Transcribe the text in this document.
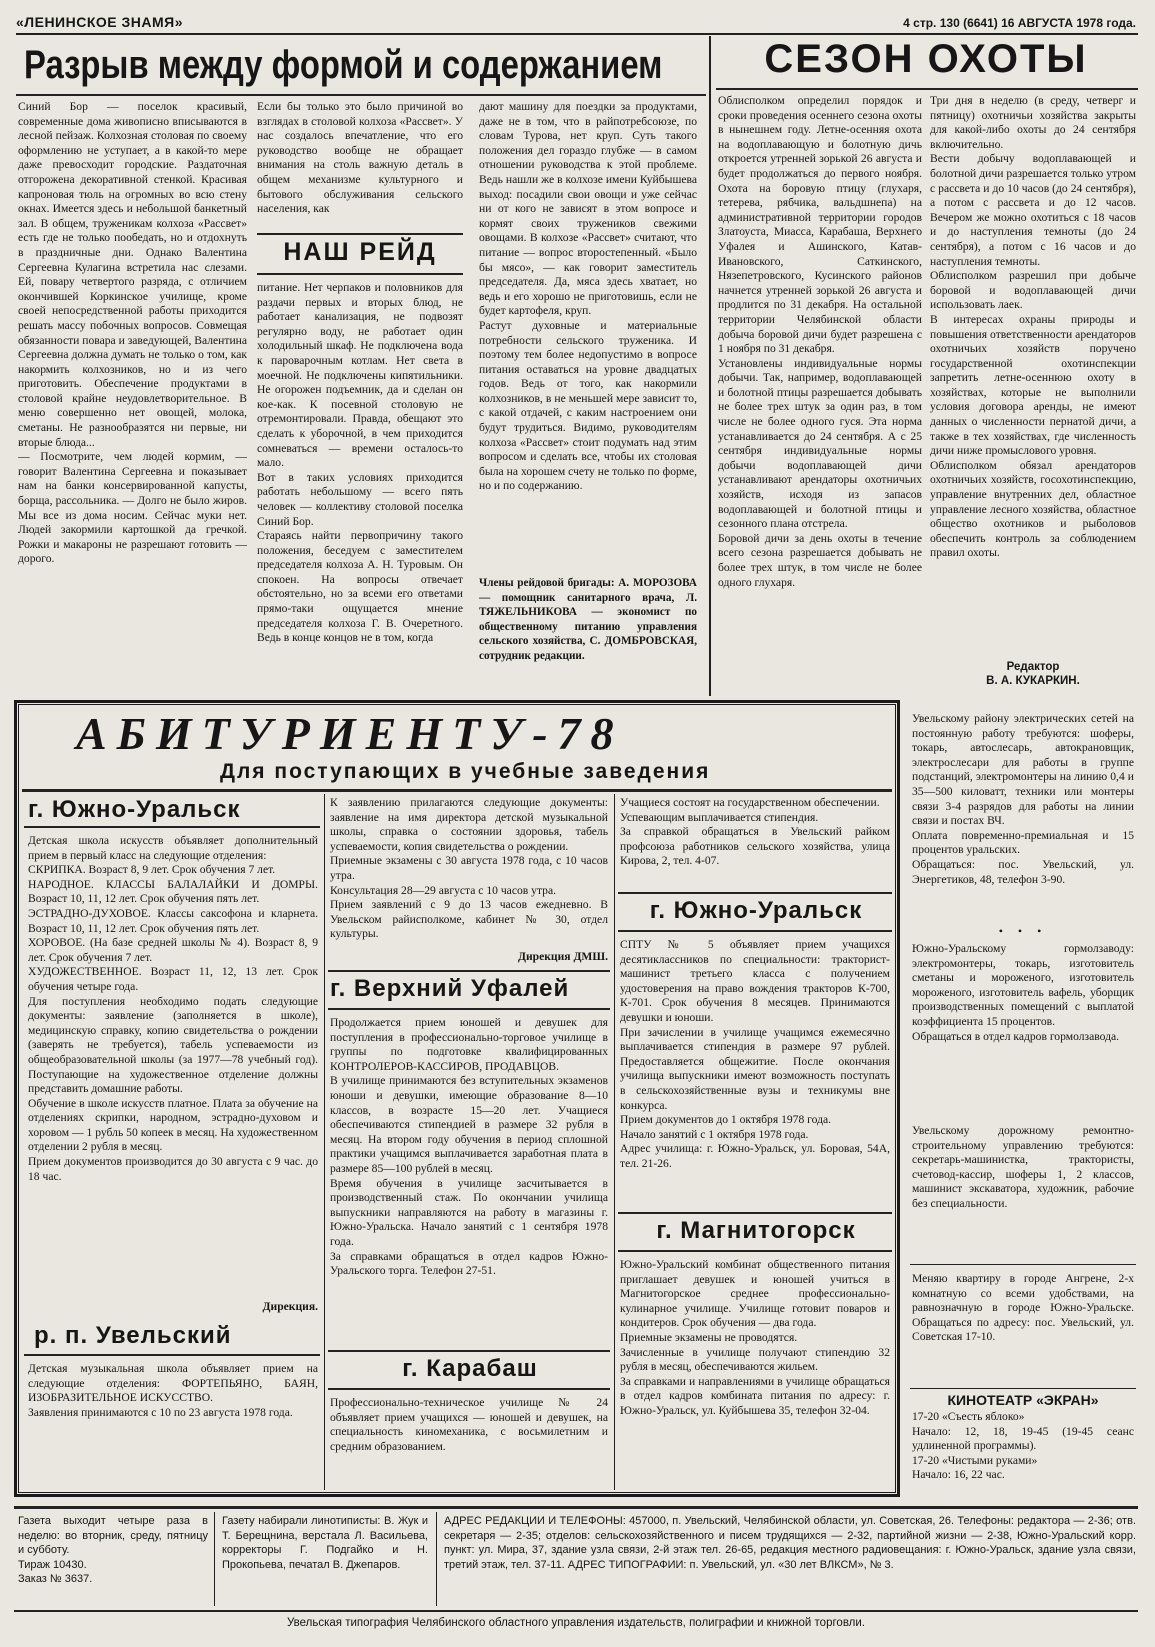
«ЛЕНИНСКОЕ ЗНАМЯ»	4 стр. 130 (6641) 16 АВГУСТА 1978 года.
Разрыв между формой и содержанием
Синий Бор — поселок красивый, современные дома живописно вписываются в лесной пейзаж. Колхозная столовая по своему оформлению не уступает, а в какой-то мере даже превосходит городские. Раздаточная отгорожена декоративной стенкой. Красивая капроновая тюль на огромных во всю стену окнах. Имеется здесь и небольшой банкетный зал. В общем, труженикам колхоза «Рассвет» есть где не только пообедать, но и отдохнуть в праздничные дни. Однако Валентина Сергеевна Кулагина встретила нас слезами. Ей, повару четвертого разряда, с отличием окончившей Коркинское училище, кроме своей непосредственной работы приходится решать массу побочных вопросов. Совмещая обязанности повара и заведующей, Валентина Сергеевна должна думать не только о том, как накормить колхозников, но и из чего приготовить. Обеспечение продуктами в столовой крайне неудовлетворительное. В меню совершенно нет овощей, молока, сметаны. Не разнообразятся ни первые, ни вторые блюда...
— Посмотрите, чем людей кормим, — говорит Валентина Сергеевна и показывает нам на банки консервированной капусты, борща, рассольника. — Долго не было жиров. Мы все из дома носим. Сейчас муки нет. Людей закормили картошкой да гречкой. Рожки и макароны не разрешают готовить — дорого.
Если бы только это было причиной во взглядах в столовой колхоза «Рассвет». У нас создалось впечатление, что его руководство вообще не обращает внимания на столь важную деталь в общем механизме культурного и бытового обслуживания сельского населения, как
НАШ РЕЙД
питание. Нет черпаков и половников для раздачи первых и вторых блюд, не работает канализация, не подвозят регулярно воду, не работает один холодильный шкаф. Не подключена вода к пароварочным котлам. Нет света в моечной. Не подключены кипятильники. Не огорожен подъемник, да и сделан он кое-как. К посевной столовую не отремонтировали. Правда, обещают это сделать к уборочной, в чем приходится сомневаться — времени осталось-то мало.
Вот в таких условиях приходится работать небольшому — всего пять человек — коллективу столовой поселка Синий Бор.
Стараясь найти первопричину такого положения, беседуем с заместителем председателя колхоза А. Н. Туровым. Он спокоен. На вопросы отвечает обстоятельно, но за всеми его ответами прямо-таки ощущается мнение председателя колхоза Г. В. Очеретного. Ведь в конце концов не в том, когда
дают машину для поездки за продуктами, даже не в том, что в райпотребсоюзе, по словам Турова, нет круп. Суть такого положения дел гораздо глубже — в самом отношении руководства к этой проблеме. Ведь нашли же в колхозе имени Куйбышева выход: посадили свои овощи и уже сейчас ни от кого не зависят в этом вопросе и кормят своих тружеников свежими овощами. В колхозе «Рассвет» считают, что питание — вопрос второстепенный. «Было бы мясо», — как говорит заместитель председателя. Да, мяса здесь хватает, но ведь и его хорошо не приготовишь, если не будет картофеля, круп.
Растут духовные и материальные потребности сельского труженика. И поэтому тем более недопустимо в вопросе питания оставаться на уровне двадцатых годов. Ведь от того, как накормили колхозников, в не меньшей мере зависит то, с какой отдачей, с каким настроением они будут трудиться. Видимо, руководителям колхоза «Рассвет» стоит подумать над этим вопросом и сделать все, чтобы их столовая была на хорошем счету не только по форме, но и по содержанию.
Члены рейдовой бригады: А. МОРОЗОВА — помощник санитарного врача, Л. ТЯЖЕЛЬНИКОВА — экономист по общественному питанию управления сельского хозяйства, С. ДОМБРОВСКАЯ, сотрудник редакции.
СЕЗОН ОХОТЫ
Облисполком определил порядок и сроки проведения осеннего сезона охоты в нынешнем году. Летне-осенняя охота на водоплавающую и болотную дичь откроется утренней зорькой 26 августа и будет продолжаться до первого ноября. Охота на боровую птицу (глухаря, тетерева, рябчика, вальдшнепа) на административной территории городов Златоуста, Миасса, Карабаша, Верхнего Уфалея и Ашинского, Катав-Ивановского, Саткинского, Нязепетровского, Кусинского районов начнется утренней зорькой 26 августа и продлится по 31 декабря. На остальной территории Челябинской области добыча боровой дичи будет разрешена с 1 ноября по 31 декабря.
Установлены индивидуальные нормы добычи. Так, например, водоплавающей и болотной птицы разрешается добывать не более трех штук за один раз, в том числе не более одного гуся. Эта норма устанавливается до 24 сентября. А с 25 сентября индивидуальные нормы добычи водоплавающей дичи устанавливают арендаторы охотничьих хозяйств, исходя из запасов водоплавающей и болотной птицы и сезонного плана отстрела.
Боровой дичи за день охоты в течение всего сезона разрешается добывать не более трех штук, в том числе не более одного глухаря.
Три дня в неделю (в среду, четверг и пятницу) охотничьи хозяйства закрыты для какой-либо охоты до 24 сентября включительно.
Вести добычу водоплавающей и болотной дичи разрешается только утром с рассвета и до 10 часов (до 24 сентября), а потом с рассвета и до 12 часов. Вечером же можно охотиться с 18 часов и до наступления темноты (до 24 сентября), а потом с 16 часов и до наступления темноты.
Облисполком разрешил при добыче боровой и водоплавающей дичи использовать лаек.
В интересах охраны природы и повышения ответственности арендаторов охотничьих хозяйств поручено государственной охотинспекции запретить летне-осеннюю охоту в хозяйствах, которые не выполнили условия договора аренды, не имеют данных о численности пернатой дичи, а также в тех хозяйствах, где численность дичи ниже промыслового уровня.
Облисполком обязал арендаторов охотничьих хозяйств, госохотинспекцию, управление внутренних дел, областное управление лесного хозяйства, областное общество охотников и рыболовов обеспечить контроль за соблюдением правил охоты.
Редактор
В. А. КУКАРКИН.
АБИТУРИЕНТУ-78
Для поступающих в учебные заведения
г. Южно-Уральск
Детская школа искусств объявляет дополнительный прием в первый класс на следующие отделения:
СКРИПКА. Возраст 8, 9 лет. Срок обучения 7 лет.
НАРОДНОЕ. КЛАССЫ БАЛАЛАЙКИ И ДОМРЫ. Возраст 10, 11, 12 лет. Срок обучения пять лет.
ЭСТРАДНО-ДУХОВОЕ. Классы саксофона и кларнета. Возраст 10, 11, 12 лет. Срок обучения пять лет.
ХОРОВОЕ. (На базе средней школы № 4). Возраст 8, 9 лет. Срок обучения 7 лет.
ХУДОЖЕСТВЕННОЕ. Возраст 11, 12, 13 лет. Срок обучения четыре года.
Для поступления необходимо подать следующие документы: заявление (заполняется в школе), медицинскую справку, копию свидетельства о рождении (заверять не требуется), табель успеваемости из общеобразовательной школы (за 1977—78 учебный год). Поступающие на художественное отделение должны представить домашние работы.
Обучение в школе искусств платное. Плата за обучение на отделениях скрипки, народном, эстрадно-духовом и хоровом — 1 рубль 50 копеек в месяц. На художественном отделении 2 рубля в месяц.
Прием документов производится до 30 августа с 9 час. до 18 час.
Дирекция.
р. п. Увельский
Детская музыкальная школа объявляет прием на следующие отделения: ФОРТЕПЬЯНО, БАЯН, ИЗОБРАЗИТЕЛЬНОЕ ИСКУССТВО.
Заявления принимаются с 10 по 23 августа 1978 года.
К заявлению прилагаются следующие документы: заявление на имя директора детской музыкальной школы, справка о состоянии здоровья, табель успеваемости, копия свидетельства о рождении.
Приемные экзамены с 30 августа 1978 года, с 10 часов утра.
Консультация 28—29 августа с 10 часов утра.
Прием заявлений с 9 до 13 часов ежедневно. В Увельском райисполкоме, кабинет № 30, отдел культуры.
Дирекция ДМШ.
г. Верхний Уфалей
Продолжается прием юношей и девушек для поступления в профессионально-торговое училище в группы по подготовке квалифицированных КОНТРОЛЕРОВ-КАССИРОВ, ПРОДАВЦОВ.
В училище принимаются без вступительных экзаменов юноши и девушки, имеющие образование 8—10 классов, в возрасте 15—20 лет. Учащиеся обеспечиваются стипендией в размере 32 рубля в месяц. На втором году обучения в период сплошной практики учащимся выплачивается заработная плата в размере 85—100 рублей в месяц.
Время обучения в училище засчитывается в производственный стаж. По окончании училища выпускники направляются на работу в магазины г. Южно-Уральска. Начало занятий с 1 сентября 1978 года.
За справками обращаться в отдел кадров Южно-Уральского торга. Телефон 27-51.
г. Карабаш
Профессионально-техническое училище № 24 объявляет прием учащихся — юношей и девушек, на специальность киномеханика, с восьмилетним и средним образованием.
Учащиеся состоят на государственном обеспечении.
Успевающим выплачивается стипендия.
За справкой обращаться в Увельский райком профсоюза работников сельского хозяйства, улица Кирова, 2, тел. 4-07.
г. Южно-Уральск
СПТУ № 5 объявляет прием учащихся десятиклассников по специальности: тракторист-машинист третьего класса с получением удостоверения на право вождения тракторов К-700, К-701. Срок обучения 8 месяцев. Принимаются девушки и юноши.
При зачислении в училище учащимся ежемесячно выплачивается стипендия в размере 97 рублей. Предоставляется общежитие. После окончания училища выпускники имеют возможность поступать в сельскохозяйственные вузы и техникумы вне конкурса.
Прием документов до 1 октября 1978 года.
Начало занятий с 1 октября 1978 года.
Адрес училища: г. Южно-Уральск, ул. Боровая, 54А, тел. 21-26.
г. Магнитогорск
Южно-Уральский комбинат общественного питания приглашает девушек и юношей учиться в Магнитогорское среднее профессионально-кулинарное училище. Училище готовит поваров и кондитеров. Срок обучения — два года.
Приемные экзамены не проводятся.
Зачисленные в училище получают стипендию 32 рубля в месяц, обеспечиваются жильем.
За справками и направлениями в училище обращаться в отдел кадров комбината питания по адресу: г. Южно-Уральск, ул. Куйбышева 35, телефон 32-04.
Увельскому району электрических сетей на постоянную работу требуются: шоферы, токарь, автослесарь, автокрановщик, электрослесари для работы в группе подстанций, электромонтеры на линию 0,4 и 35—500 киловатт, техники или монтеры связи 3-4 разрядов для работы на линии связи и постах ВЧ.
Оплата повременно-премиальная и 15 процентов уральских.
Обращаться: пос. Увельский, ул. Энергетиков, 48, телефон 3-90.
• • •
Южно-Уральскому гормолзаводу: электромонтеры, токарь, изготовитель сметаны и мороженого, изготовитель мороженого, изготовитель вафель, уборщик производственных помещений с выплатой коэффициента 15 процентов.
Обращаться в отдел кадров гормолзавода.
Увельскому дорожному ремонтно-строительному управлению требуются: секретарь-машинистка, трактористы, счетовод-кассир, шоферы 1, 2 классов, машинист экскаватора, художник, рабочие без специальности.
Меняю квартиру в городе Ангрене, 2-х комнатную со всеми удобствами, на равнозначную в городе Южно-Уральске. Обращаться по адресу: пос. Увельский, ул. Советская 17-10.
КИНОТЕАТР «ЭКРАН»
17-20 «Съесть яблоко»
Начало: 12, 18, 19-45 (19-45 сеанс удлиненной программы).
17-20 «Чистыми руками»
Начало: 16, 22 час.
Газета выходит четыре раза в неделю: во вторник, среду, пятницу и субботу.
Тираж 10430.
Заказ № 3637.
Газету набирали линотиписты: В. Жук и Т. Берещнина, верстала Л. Васильева, корректоры Г. Подгайко и Н. Прокопьева, печатал В. Джепаров.
АДРЕС РЕДАКЦИИ И ТЕЛЕФОНЫ: 457000, п. Увельский, Челябинской области, ул. Советская, 26. Телефоны: редактора — 2-36; отв. секретаря — 2-35; отделов: сельскохозяйственного и писем трудящихся — 2-32, партийной жизни — 2-38, Южно-Уральский корр. пункт: ул. Мира, 37, здание узла связи, 2-й этаж тел. 26-65, редакция местного радиовещания: г. Южно-Уральск, здание узла связи, третий этаж, тел. 37-11. АДРЕС ТИПОГРАФИИ: п. Увельский, ул. «30 лет ВЛКСМ», № 3.
Увельская типография Челябинского областного управления издательств, полиграфии и книжной торговли.
